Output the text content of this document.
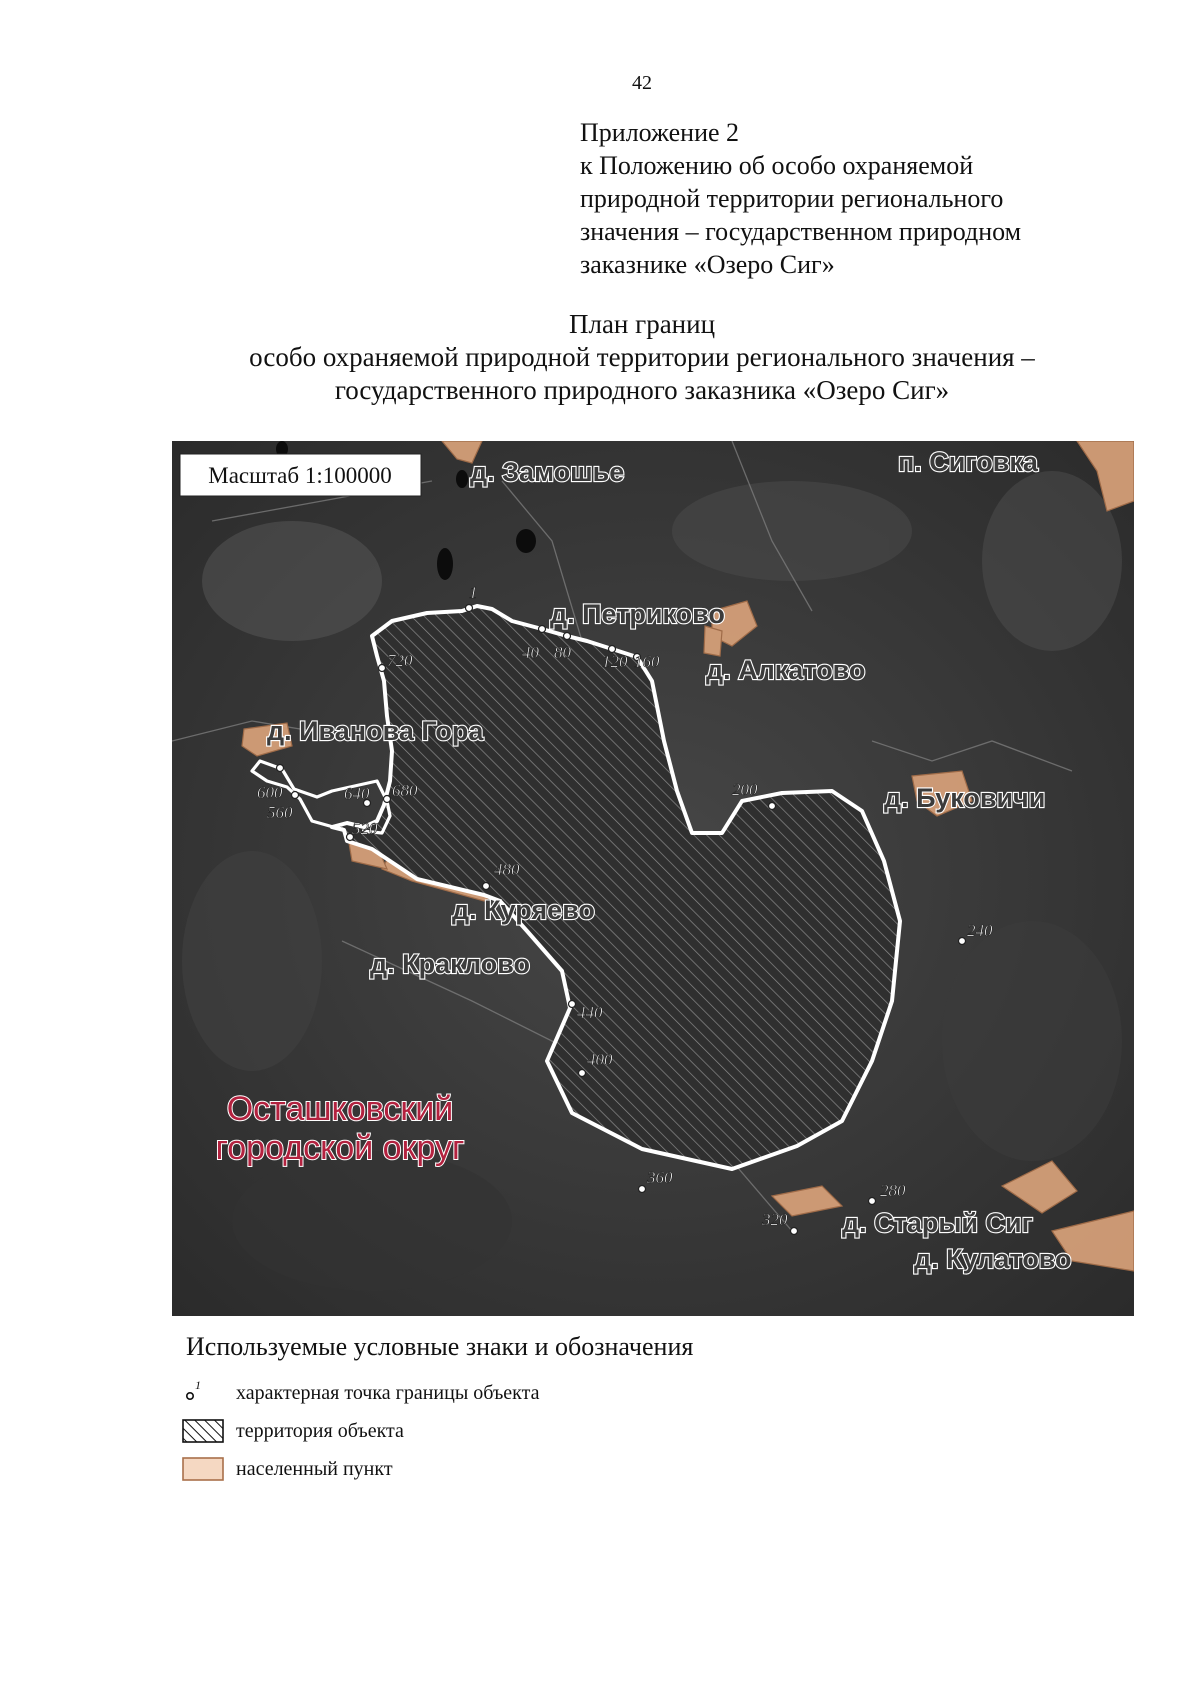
42
Приложение 2
к Положению об особо охраняемой
природной территории регионального
значения – государственном природном
заказнике «Озеро Сиг»
План границ
особо охраняемой природной территории регионального значения –
государственного природного заказника «Озеро Сиг»
1
40 80 120 160
200
240
280
320
360
400
440
480
520
560
600	640 680
720
Масштаб 1:100000	д. Замошье	п. Сиговка
д. Петриково
д. Алкатово
д. Иванова Гора
д. Буковичи
д. Куряево
д. Краклово
д. Старый Сиг
д. Кулатово
Осташковский
городской округ
Используемые условные знаки и обозначения
1 характерная точка границы объекта
территория объекта
населенный пункт
